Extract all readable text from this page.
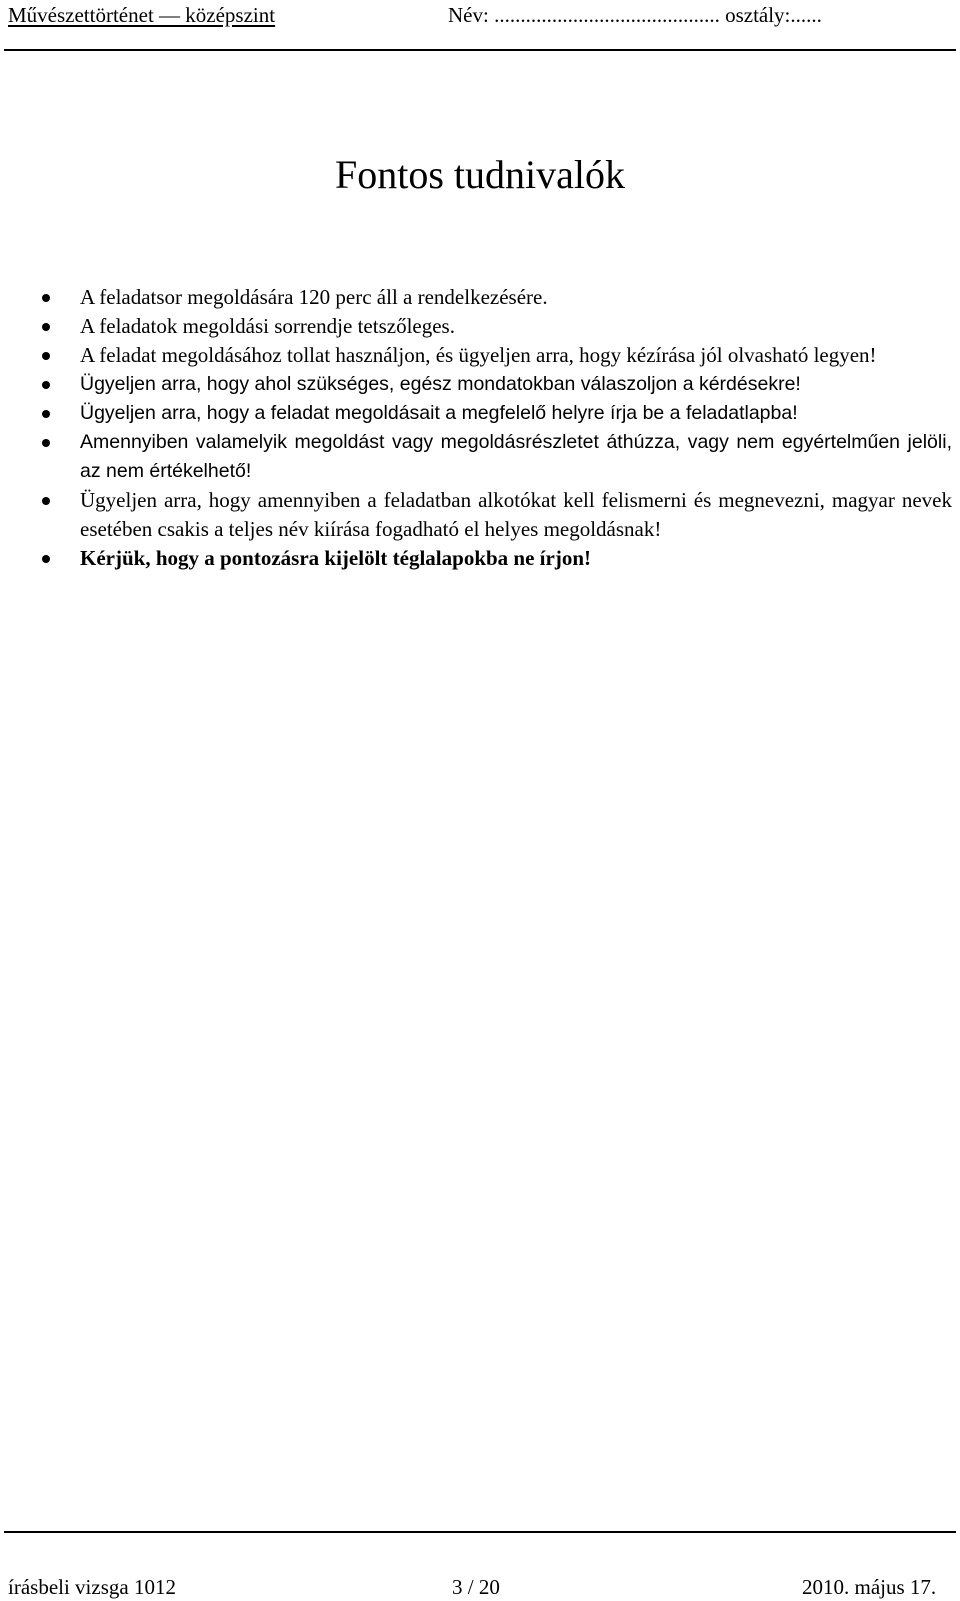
Művészettörténet — középszint	Név: ........................................... osztály:......
Fontos tudnivalók
A feladatsor megoldására 120 perc áll a rendelkezésére.
A feladatok megoldási sorrendje tetszőleges.
A feladat megoldásához tollat használjon, és ügyeljen arra, hogy kézírása jól olvasható legyen!
Ügyeljen arra, hogy ahol szükséges, egész mondatokban válaszoljon a kérdésekre!
Ügyeljen arra, hogy a feladat megoldásait a megfelelő helyre írja be a feladatlapba!
Amennyiben valamelyik megoldást vagy megoldásrészletet áthúzza, vagy nem egyértelműen jelöli, az nem értékelhető!
Ügyeljen arra, hogy amennyiben a feladatban alkotókat kell felismerni és megnevezni, magyar nevek esetében csakis a teljes név kiírása fogadható el helyes megoldásnak!
Kérjük, hogy a pontozásra kijelölt téglalapokba ne írjon!
írásbeli vizsga 1012	3 / 20	2010. május 17.
